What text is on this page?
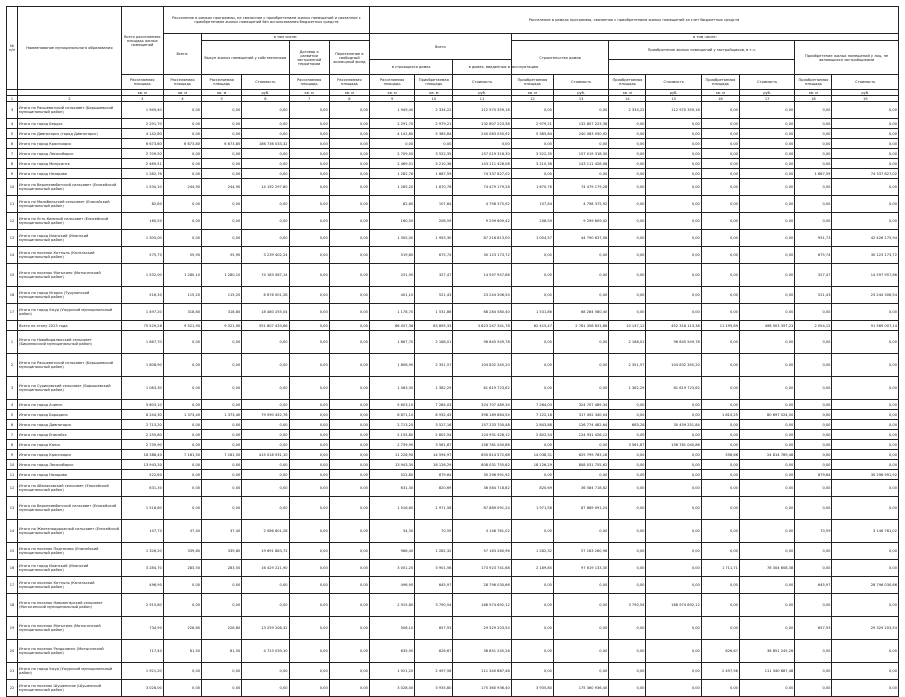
№ п/п	Наименование муниципального образования	Всего расселяемая площадь жилых помещений	Расселение в рамках программы, не связанное с приобретением жилых помещений и связанное с приобретением жилых помещений без использования бюджетных средств					Расселение в рамках программы, связанное с приобретением жилых помещений за счет бюджетных средств										
			Всего:	в том числе:				Всего			в том числе:							
				Выкуп жилых помещений у собственников		Договор о развитии застроенной территории	Переселение в свободный жилищный фонд				Строительство домов		Приобретение жилых помещений у застройщиков, в т.ч.				Приобретение жилых помещений у лиц, не являющихся застройщиками	
								в строящихся домах		в домах, введенных в эксплуатацию								
		Расселяемая площадь	Расселяемая площадь	Расселяемая площадь	Стоимость	Расселяемая площадь	Расселяемая площадь	Расселяемая площадь	Приобретаемая площадь	Стоимость	Приобретаемая площадь	Стоимость	Приобретаемая площадь	Стоимость	Приобретаемая площадь	Стоимость	Приобретаемая площадь	Стоимость
		кв. м	кв. м	кв. м	руб.	кв. м	кв. м	кв. м	кв. м	руб.	кв. м	руб.	кв. м	руб.	кв. м	руб.	кв. м	руб.
1	2	3	4	5	6	7	8	9	10	11	12	13	14	15	16	17	18	19
3	Итого по Расшеватский сельсовет (Барышевский муниципальный район)	1 949,40	0,00	0,00	0,00	0,00	0,00	1 949,40	2 334,22	112 970 359,16	0,00	0,00	2 334,22	112 970 359,16	0,00	0,00	0,00	0,00
4	Итого по город Бердск	2 291,70	0,00	0,00	0,00	0,00	0,00	2 291,70	2 979,21	132 807 223,38	2 979,21	132 807 223,38	0,00	0,00	0,00	0,00	0,00	0,00
5	Итого по Дивногорск (город Дивногорск)	4 142,80	0,00	0,00	0,00	0,00	0,00	4 142,80	5 385,64	240 083 050,92	5 385,64	240 083 050,92	0,00	0,00	0,00	0,00	0,00	0,00
6	Итого по город Красноярск	6 673,80	6 673,80	6 673,80	186 736 033,32	0,00	0,00	0,00	0,00	0,00	0,00	0,00	0,00	0,00	0,00	0,00	0,00	0,00
7	Итого по город Лесосибирск	2 709,50	0,00	0,00	0,00	0,00	0,00	2 709,50	3 522,35	157 019 318,30	3 522,35	157 019 318,30	0,00	0,00	0,00	0,00	0,00	0,00
8	Итого по город Минусинск	2 469,51	0,00	0,00	0,00	0,00	0,00	2 469,51	3 210,36	143 111 428,08	3 210,36	143 111 428,08	0,00	0,00	0,00	0,00	0,00	0,00
9	Итого по город Назарово	1 282,76	0,00	0,00	0,00	0,00	0,00	1 282,76	1 667,59	74 337 827,02	0,00	0,00	0,00	0,00	0,00	0,00	1 667,59	74 337 827,02
10	Итого по Верхнеимбатский сельсовет (Енисейский муниципальный район)	1 530,10	244,90	244,90	14 192 297,80	0,00	0,00	1 285,20	1 670,76	74 479 179,28	1 670,76	74 479 179,28	0,00	0,00	0,00	0,00	0,00	0,00
11	Итого по Малобельский сельсовет (Енисейский муниципальный район)	82,80	0,00	0,00	0,00	0,00	0,00	82,80	107,64	4 798 375,92	107,64	4 798 375,92	0,00	0,00	0,00	0,00	0,00	0,00
12	Итого по Усть-Кемский сельсовет (Енисейский муниципальный район)	160,50	0,00	0,00	0,00	0,00	0,00	160,50	208,59	9 299 609,42	208,59	9 299 609,42	0,00	0,00	0,00	0,00	0,00	0,00
13	Итого по город Иланский (Иланский муниципальный район)	1 305,00	0,00	0,00	0,00	0,00	0,00	1 305,00	1 955,30	87 216 813,00	1 004,57	44 790 637,06	0,00	0,00	0,00	0,00	951,73	42 426 175,94
14	Итого по поселок Коттыль (Котельский муниципальный район)	575,70	55,90	55,90	3 239 402,24	0,00	0,00	519,80	675,74	30 123 173,72	0,00	0,00	0,00	0,00	0,00	0,00	675,74	30 123 173,72
15	Итого по поселок Мотыгино (Мотыгинский муниципальный район)	1 532,00	1 280,10	1 280,10	74 183 587,14	0,00	0,00	251,90	327,47	14 597 957,66	0,00	0,00	0,00	0,00	0,00	0,00	327,47	14 597 957,66
16	Итого по город Игарка (Туруханский муниципальный район)	516,30	115,20	115,20	6 676 001,28	0,00	0,00	401,10	521,43	23 244 306,54	0,00	0,00	0,00	0,00	0,00	0,00	521,43	23 244 306,54
17	Итого по город Ужур (Ужурский муниципальный район)	1 497,20	318,80	318,80	18 480 255,04	0,00	0,00	1 178,70	1 531,86	68 284 580,40	1 531,86	68 284 580,40	0,00	0,00	0,00	0,00	0,00	0,00
	Всего по этапу 2023 года	75 529,26	9 521,90	9 521,90	551 807 433,66	0,00	0,00	66 007,36	83 895,33	3 823 247 341,78	62 415,47	2 781 356 831,66	10 147,12	452 318 113,38	11 195,89	498 903 397,23	2 054,12	91 569 007,14
1	Итого по Новобирилюсский сельсовет (Бирилюсский муниципальный район)	1 667,70	0,00	0,00	0,00	0,00	0,00	1 667,70	2 168,01	96 645 549,78	0,00	0,00	2 168,01	96 645 549,78	0,00	0,00	0,00	0,00
2	Итого по Расшеватский сельсовет (Барышевский муниципальный район)	1 808,90	0,00	0,00	0,00	0,00	0,00	1 808,90	2 351,57	104 832 345,20	0,00	0,00	2 351,57	104 832 345,20	0,00	0,00	0,00	0,00
3	Итого по Суриковский сельсовет (Барышевский муниципальный район)	1 063,30	0,00	0,00	0,00	0,00	0,00	1 063,30	1 382,29	61 619 723,62	0,00	0,00	1 382,29	61 619 723,62	0,00	0,00	0,00	0,00
4	Итого по город Ачинск	5 603,10	0,00	0,00	0,00	0,00	0,00	5 603,10	7 284,03	324 707 489,34	7 284,03	324 707 489,34	0,00	0,00	0,00	0,00	0,00	0,00
5	Итого по город Бородино	8 244,30	1 373,40	1 373,40	79 590 452,76	0,00	0,00	6 871,10	8 932,43	398 189 864,54	7 122,18	317 492 340,04	0,00	0,00	1 810,25	80 697 524,50	0,00	0,00
6	Итого по город Дивногорск	2 713,20	0,00	0,00	0,00	0,00	0,00	2 713,20	3 527,16	157 233 700,48	2 843,88	126 774 482,64	683,28	30 459 251,84	0,00	0,00	0,00	0,00
7	Итого по город Енисейск	2 155,80	0,00	0,00	0,00	0,00	0,00	2 155,80	2 802,54	124 931 428,12	2 802,54	124 931 428,12	0,00	0,00	0,00	0,00	0,00	0,00
8	Итого по город Канск	2 739,90	0,00	0,00	0,00	0,00	0,00	2 739,90	3 561,87	158 781 040,86	0,00	0,00	3 561,87	158 781 040,86	0,00	0,00	0,00	0,00
9	Итого по город Красноярск	18 388,40	7 161,50	7 161,50	415 018 931,10	0,00	0,00	11 226,90	14 594,97	650 614 572,66	14 038,31	625 799 783,18	0,00	0,00	556,66	24 814 789,48	0,00	0,00
10	Итого по город Лесосибирск	13 943,30	0,00	0,00	0,00	0,00	0,00	13 943,30	18 126,29	808 031 755,62	18 126,29	808 031 755,62	0,00	0,00	0,00	0,00	0,00	0,00
11	Итого по город Назарово	522,80	0,00	0,00	0,00	0,00	0,00	522,80	679,64	30 296 991,92	0,00	0,00	0,00	0,00	0,00	0,00	679,64	30 296 991,92
12	Итого по Абалаковский сельсовет (Енисейский муниципальный район)	631,30	0,00	0,00	0,00	0,00	0,00	631,30	820,69	36 584 718,82	820,69	36 584 718,82	0,00	0,00	0,00	0,00	0,00	0,00
13	Итого по Верхнеимбатский сельсовет (Енисейский муниципальный район)	1 516,60	0,00	0,00	0,00	0,00	0,00	1 516,60	1 971,58	87 889 091,24	1 971,58	87 889 091,24	0,00	0,00	0,00	0,00	0,00	0,00
14	Итого по Железнодорожный сельсовет (Енисейский муниципальный район)	107,70	37,40	37,40	2 086 601,28	0,00	0,00	54,30	70,59	3 146 761,02	0,00	0,00	0,00	0,00	0,00	0,00	70,59	3 146 761,02
15	Итого по поселок Подтесово (Енисейский муниципальный район)	1 326,20	339,80	339,80	19 691 883,72	0,00	0,00	986,40	1 282,32	57 163 260,96	1 282,32	57 163 260,96	0,00	0,00	0,00	0,00	0,00	0,00
16	Итого по город Иланский (Иланский муниципальный район)	3 284,70	283,50	283,50	16 429 221,90	0,00	0,00	3 001,20	3 901,56	173 923 741,68	2 189,85	97 619 133,30	0,00	0,00	1 711,71	76 304 608,38	0,00	0,00
17	Итого по поселок Коттыль (Котельский муниципальный район)	496,90	0,00	0,00	0,00	0,00	0,00	496,90	645,97	28 796 030,66	0,00	0,00	0,00	0,00	0,00	0,00	645,97	28 796 030,66
18	Итого по поселок Новоангарский сельсовет (Мотыгинский муниципальный район)	2 915,80	0,00	0,00	0,00	0,00	0,00	2 915,80	3 790,54	168 974 692,12	0,00	0,00	3 790,54	168 974 692,12	0,00	0,00	0,00	0,00
19	Итого по поселок Мотыгино (Мотыгинский муниципальный район)	734,90	228,80	228,80	13 259 208,32	0,00	0,00	506,10	657,93	29 329 203,54	0,00	0,00	0,00	0,00	0,00	0,00	657,93	29 329 203,54
20	Итого по поселок Раздолинск (Мотыгинский муниципальный район)	717,40	81,50	81,50	4 723 039,10	0,00	0,00	635,90	826,67	36 851 245,26	0,00	0,00	0,00	0,00	826,67	36 851 245,26	0,00	0,00
21	Итого по город Ужур (Ужурский муниципальный район)	1 921,20	0,00	0,00	0,00	0,00	0,00	1 921,20	2 497,56	111 340 887,48	0,00	0,00	0,00	0,00	2 497,56	111 340 887,48	0,00	0,00
22	Итого по поселок Шушенское (Шушенский муниципальный район)	3 028,00	0,00	0,00	0,00	0,00	0,00	3 028,00	3 935,80	175 360 936,40	3 935,80	175 360 936,40	0,00	0,00	0,00	0,00	0,00	0,00
